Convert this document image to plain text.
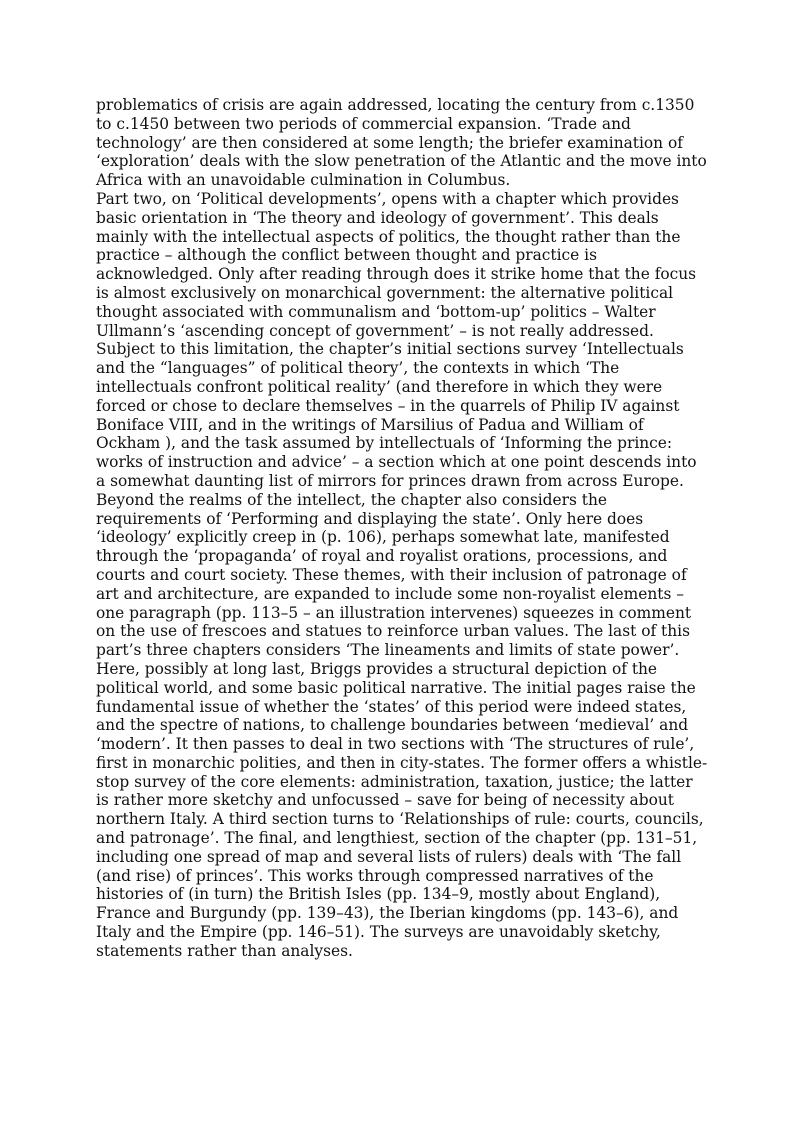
problematics of crisis are again addressed, locating the century from c.1350 to c.1450 between two periods of commercial expansion. ‘Trade and technology’ are then considered at some length; the briefer examination of ‘exploration’ deals with the slow penetration of the Atlantic and the move into Africa with an unavoidable culmination in Columbus.

Part two, on ‘Political developments’, opens with a chapter which provides basic orientation in ‘The theory and ideology of government’. This deals mainly with the intellectual aspects of politics, the thought rather than the practice – although the conflict between thought and practice is acknowledged. Only after reading through does it strike home that the focus is almost exclusively on monarchical government: the alternative political thought associated with communalism and ‘bottom-up’ politics – Walter Ullmann’s ‘ascending concept of government’ – is not really addressed. Subject to this limitation, the chapter’s initial sections survey ‘Intellectuals and the “languages” of political theory’, the contexts in which ‘The intellectuals confront political reality’ (and therefore in which they were forced or chose to declare themselves – in the quarrels of Philip IV against Boniface VIII, and in the writings of Marsilius of Padua and William of Ockham ), and the task assumed by intellectuals of ‘Informing the prince: works of instruction and advice’ – a section which at one point descends into a somewhat daunting list of mirrors for princes drawn from across Europe. Beyond the realms of the intellect, the chapter also considers the requirements of ‘Performing and displaying the state’. Only here does ‘ideology’ explicitly creep in (p. 106), perhaps somewhat late, manifested through the ‘propaganda’ of royal and royalist orations, processions, and courts and court society. These themes, with their inclusion of patronage of art and architecture, are expanded to include some non-royalist elements – one paragraph (pp. 113–5 – an illustration intervenes) squeezes in comment on the use of frescoes and statues to reinforce urban values. The last of this part’s three chapters considers ‘The lineaments and limits of state power’. Here, possibly at long last, Briggs provides a structural depiction of the political world, and some basic political narrative. The initial pages raise the fundamental issue of whether the ‘states’ of this period were indeed states, and the spectre of nations, to challenge boundaries between ‘medieval’ and ‘modern’. It then passes to deal in two sections with ‘The structures of rule’, first in monarchic polities, and then in city-states. The former offers a whistle-stop survey of the core elements: administration, taxation, justice; the latter is rather more sketchy and unfocussed – save for being of necessity about northern Italy. A third section turns to ‘Relationships of rule: courts, councils, and patronage’. The final, and lengthiest, section of the chapter (pp. 131–51, including one spread of map and several lists of rulers) deals with ‘The fall (and rise) of princes’. This works through compressed narratives of the histories of (in turn) the British Isles (pp. 134–9, mostly about England), France and Burgundy (pp. 139–43), the Iberian kingdoms (pp. 143–6), and Italy and the Empire (pp. 146–51). The surveys are unavoidably sketchy, statements rather than analyses.
